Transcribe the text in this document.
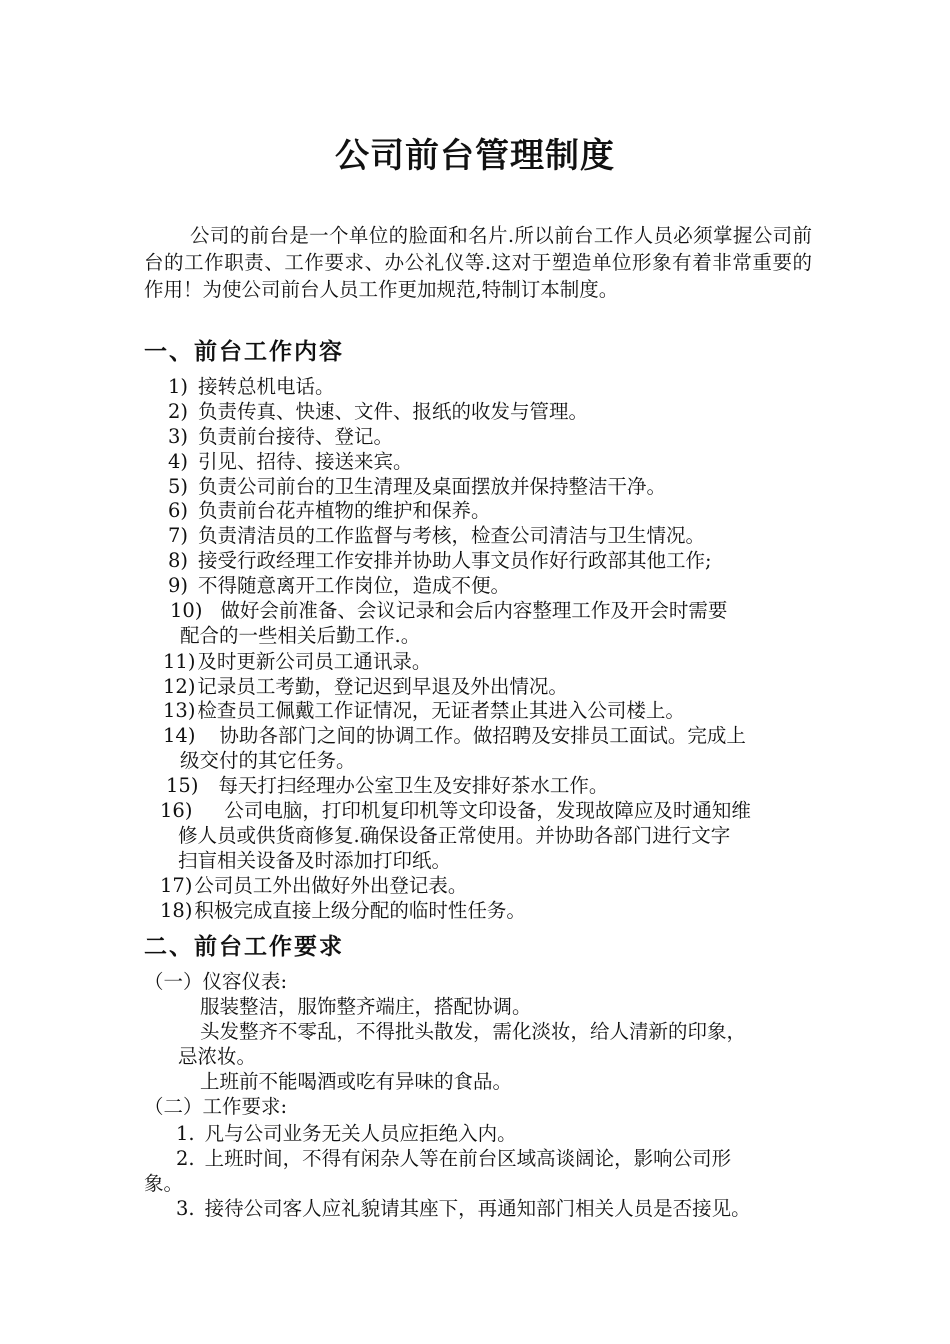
公司前台管理制度

公司的前台是一个单位的脸面和名片.所以前台工作人员必须掌握公司前台的工作职责、工作要求、办公礼仪等.这对于塑造单位形象有着非常重要的作用！为使公司前台人员工作更加规范,特制订本制度。

一、前台工作内容
1) 接转总机电话。
2) 负责传真、快速、文件、报纸的收发与管理。
3) 负责前台接待、登记。
4) 引见、招待、接送来宾。
5) 负责公司前台的卫生清理及桌面摆放并保持整洁干净。
6) 负责前台花卉植物的维护和保养。
7) 负责清洁员的工作监督与考核，检查公司清洁与卫生情况。
8) 接受行政经理工作安排并协助人事文员作好行政部其他工作;
9) 不得随意离开工作岗位，造成不便。
10) 做好会前准备、会议记录和会后内容整理工作及开会时需要
配合的一些相关后勤工作.。
11) 及时更新公司员工通讯录。
12) 记录员工考勤，登记迟到早退及外出情况。
13) 检查员工佩戴工作证情况，无证者禁止其进入公司楼上。
14) 协助各部门之间的协调工作。做招聘及安排员工面试。完成上
级交付的其它任务。
15) 每天打扫经理办公室卫生及安排好茶水工作。
16) 公司电脑，打印机复印机等文印设备，发现故障应及时通知维
修人员或供货商修复.确保设备正常使用。并协助各部门进行文字
扫盲相关设备及时添加打印纸。
17) 公司员工外出做好外出登记表。
18) 积极完成直接上级分配的临时性任务。
二、前台工作要求
（一）仪容仪表:
服装整洁，服饰整齐端庄，搭配协调。
头发整齐不零乱，不得批头散发，需化淡妆，给人清新的印象，
忌浓妆。
上班前不能喝酒或吃有异味的食品。
（二）工作要求:
1. 凡与公司业务无关人员应拒绝入内。
2. 上班时间，不得有闲杂人等在前台区域高谈阔论，影响公司形
象。
3. 接待公司客人应礼貌请其座下，再通知部门相关人员是否接见。
